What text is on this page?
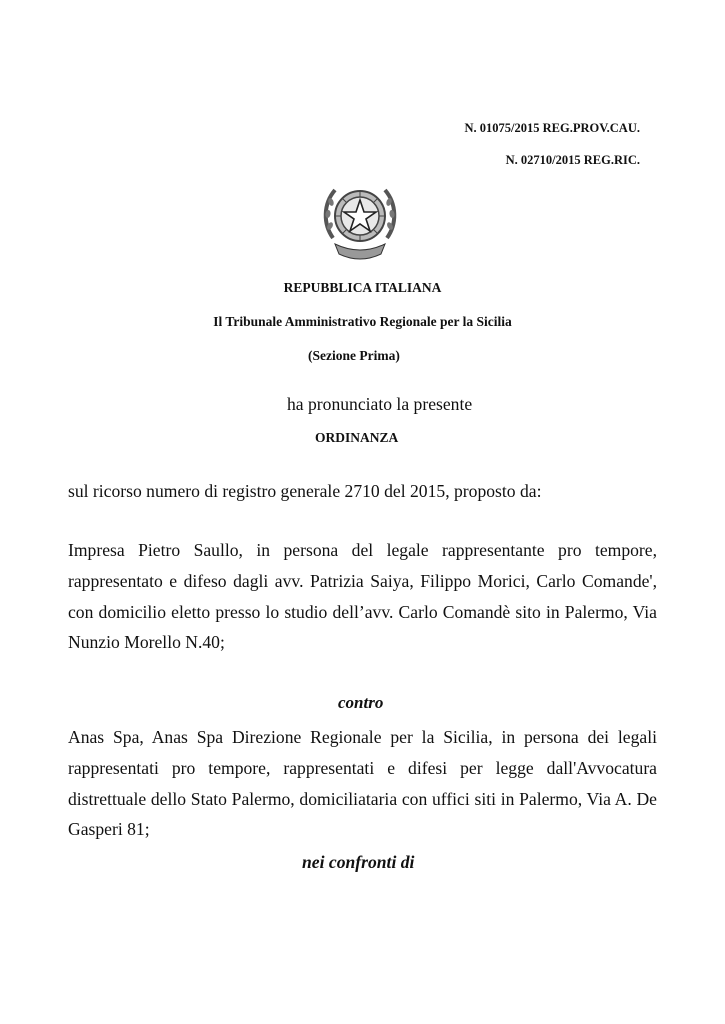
N. 01075/2015 REG.PROV.CAU.
N. 02710/2015 REG.RIC.
REPUBBLICA ITALIANA
Il Tribunale Amministrativo Regionale per la Sicilia
(Sezione Prima)
ha pronunciato la presente
ORDINANZA
sul ricorso numero di registro generale 2710 del 2015, proposto da:
Impresa Pietro Saullo, in persona del legale rappresentante pro tempore, rappresentato e difeso dagli avv. Patrizia Saiya, Filippo Morici, Carlo Comande', con domicilio eletto presso lo studio dell’avv. Carlo Comandè sito in Palermo, Via Nunzio Morello N.40;
contro
Anas Spa, Anas Spa Direzione Regionale per la Sicilia, in persona dei legali rappresentati pro tempore, rappresentati e difesi per legge dall'Avvocatura distrettuale dello Stato Palermo, domiciliataria con uffici siti in Palermo, Via A. De Gasperi 81;
nei confronti di
